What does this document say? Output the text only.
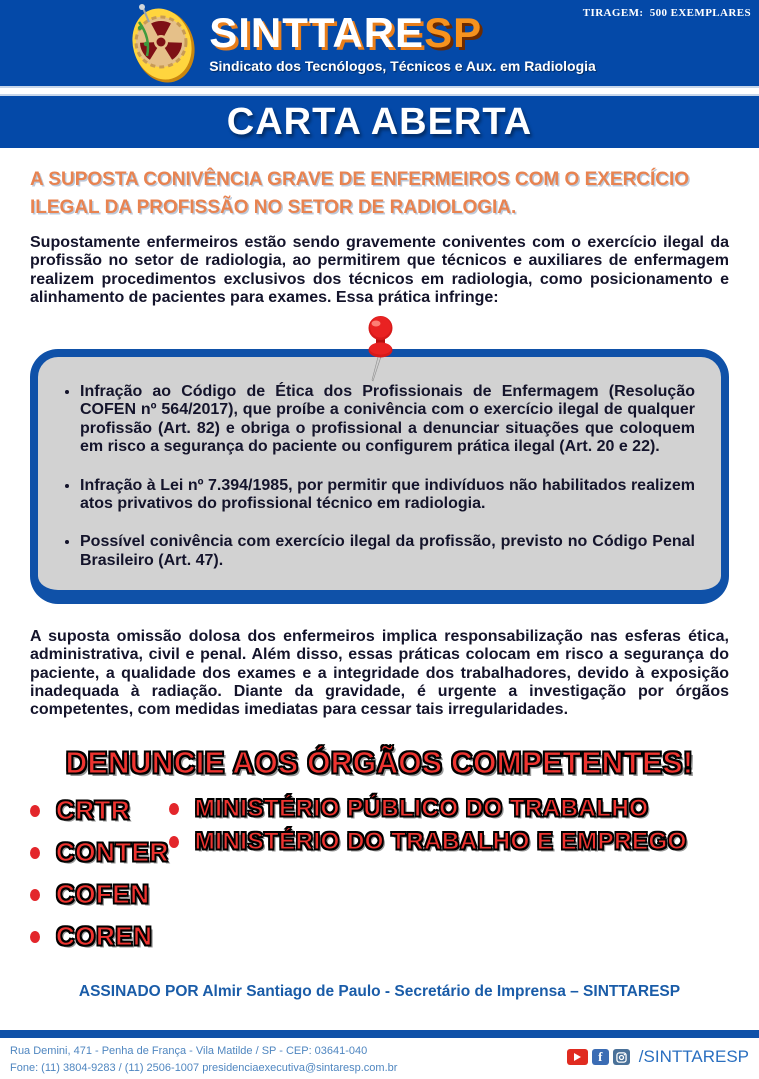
TIRAGEM:  500 EXEMPLARES
SINTTARESP
Sindicato dos Tecnólogos, Técnicos e Aux. em Radiologia
CARTA ABERTA
A SUPOSTA CONIVÊNCIA GRAVE DE ENFERMEIROS COM O EXERCÍCIO ILEGAL DA PROFISSÃO NO SETOR DE RADIOLOGIA.

Supostamente enfermeiros estão sendo gravemente coniventes com o exercício ilegal da profissão no setor de radiologia, ao permitirem que técnicos e auxiliares de enfermagem realizem procedimentos exclusivos dos técnicos em radiologia, como posicionamento e alinhamento de pacientes para exames. Essa prática infringe:

• Infração ao Código de Ética dos Profissionais de Enfermagem (Resolução COFEN nº 564/2017), que proíbe a conivência com o exercício ilegal de qualquer profissão (Art. 82) e obriga o profissional a denunciar situações que coloquem em risco a segurança do paciente ou configurem prática ilegal (Art. 20 e 22).
• Infração à Lei nº 7.394/1985, por permitir que indivíduos não habilitados realizem atos privativos do profissional técnico em radiologia.
• Possível conivência com exercício ilegal da profissão, previsto no Código Penal Brasileiro (Art. 47).

A suposta omissão dolosa dos enfermeiros implica responsabilização nas esferas ética, administrativa, civil e penal. Além disso, essas práticas colocam em risco a segurança do paciente, a qualidade dos exames e a integridade dos trabalhadores, devido à exposição inadequada à radiação. Diante da gravidade, é urgente a investigação por órgãos competentes, com medidas imediatas para cessar tais irregularidades.

DENUNCIE AOS ÓRGÃOS COMPETENTES!
CRTR
CONTER
COFEN
COREN
MINISTÉRIO PÚBLICO DO TRABALHO
MINISTÉRIO DO TRABALHO E EMPREGO
ASSINADO POR Almir Santiago de Paulo - Secretário de Imprensa – SINTTARESP
Rua Demini, 471 - Penha de França - Vila Matilde / SP - CEP: 03641-040
Fone: (11) 3804-9283 / (11) 2506-1007 presidenciaexecutiva@sintaresp.com.br
f	/SINTTARESP
